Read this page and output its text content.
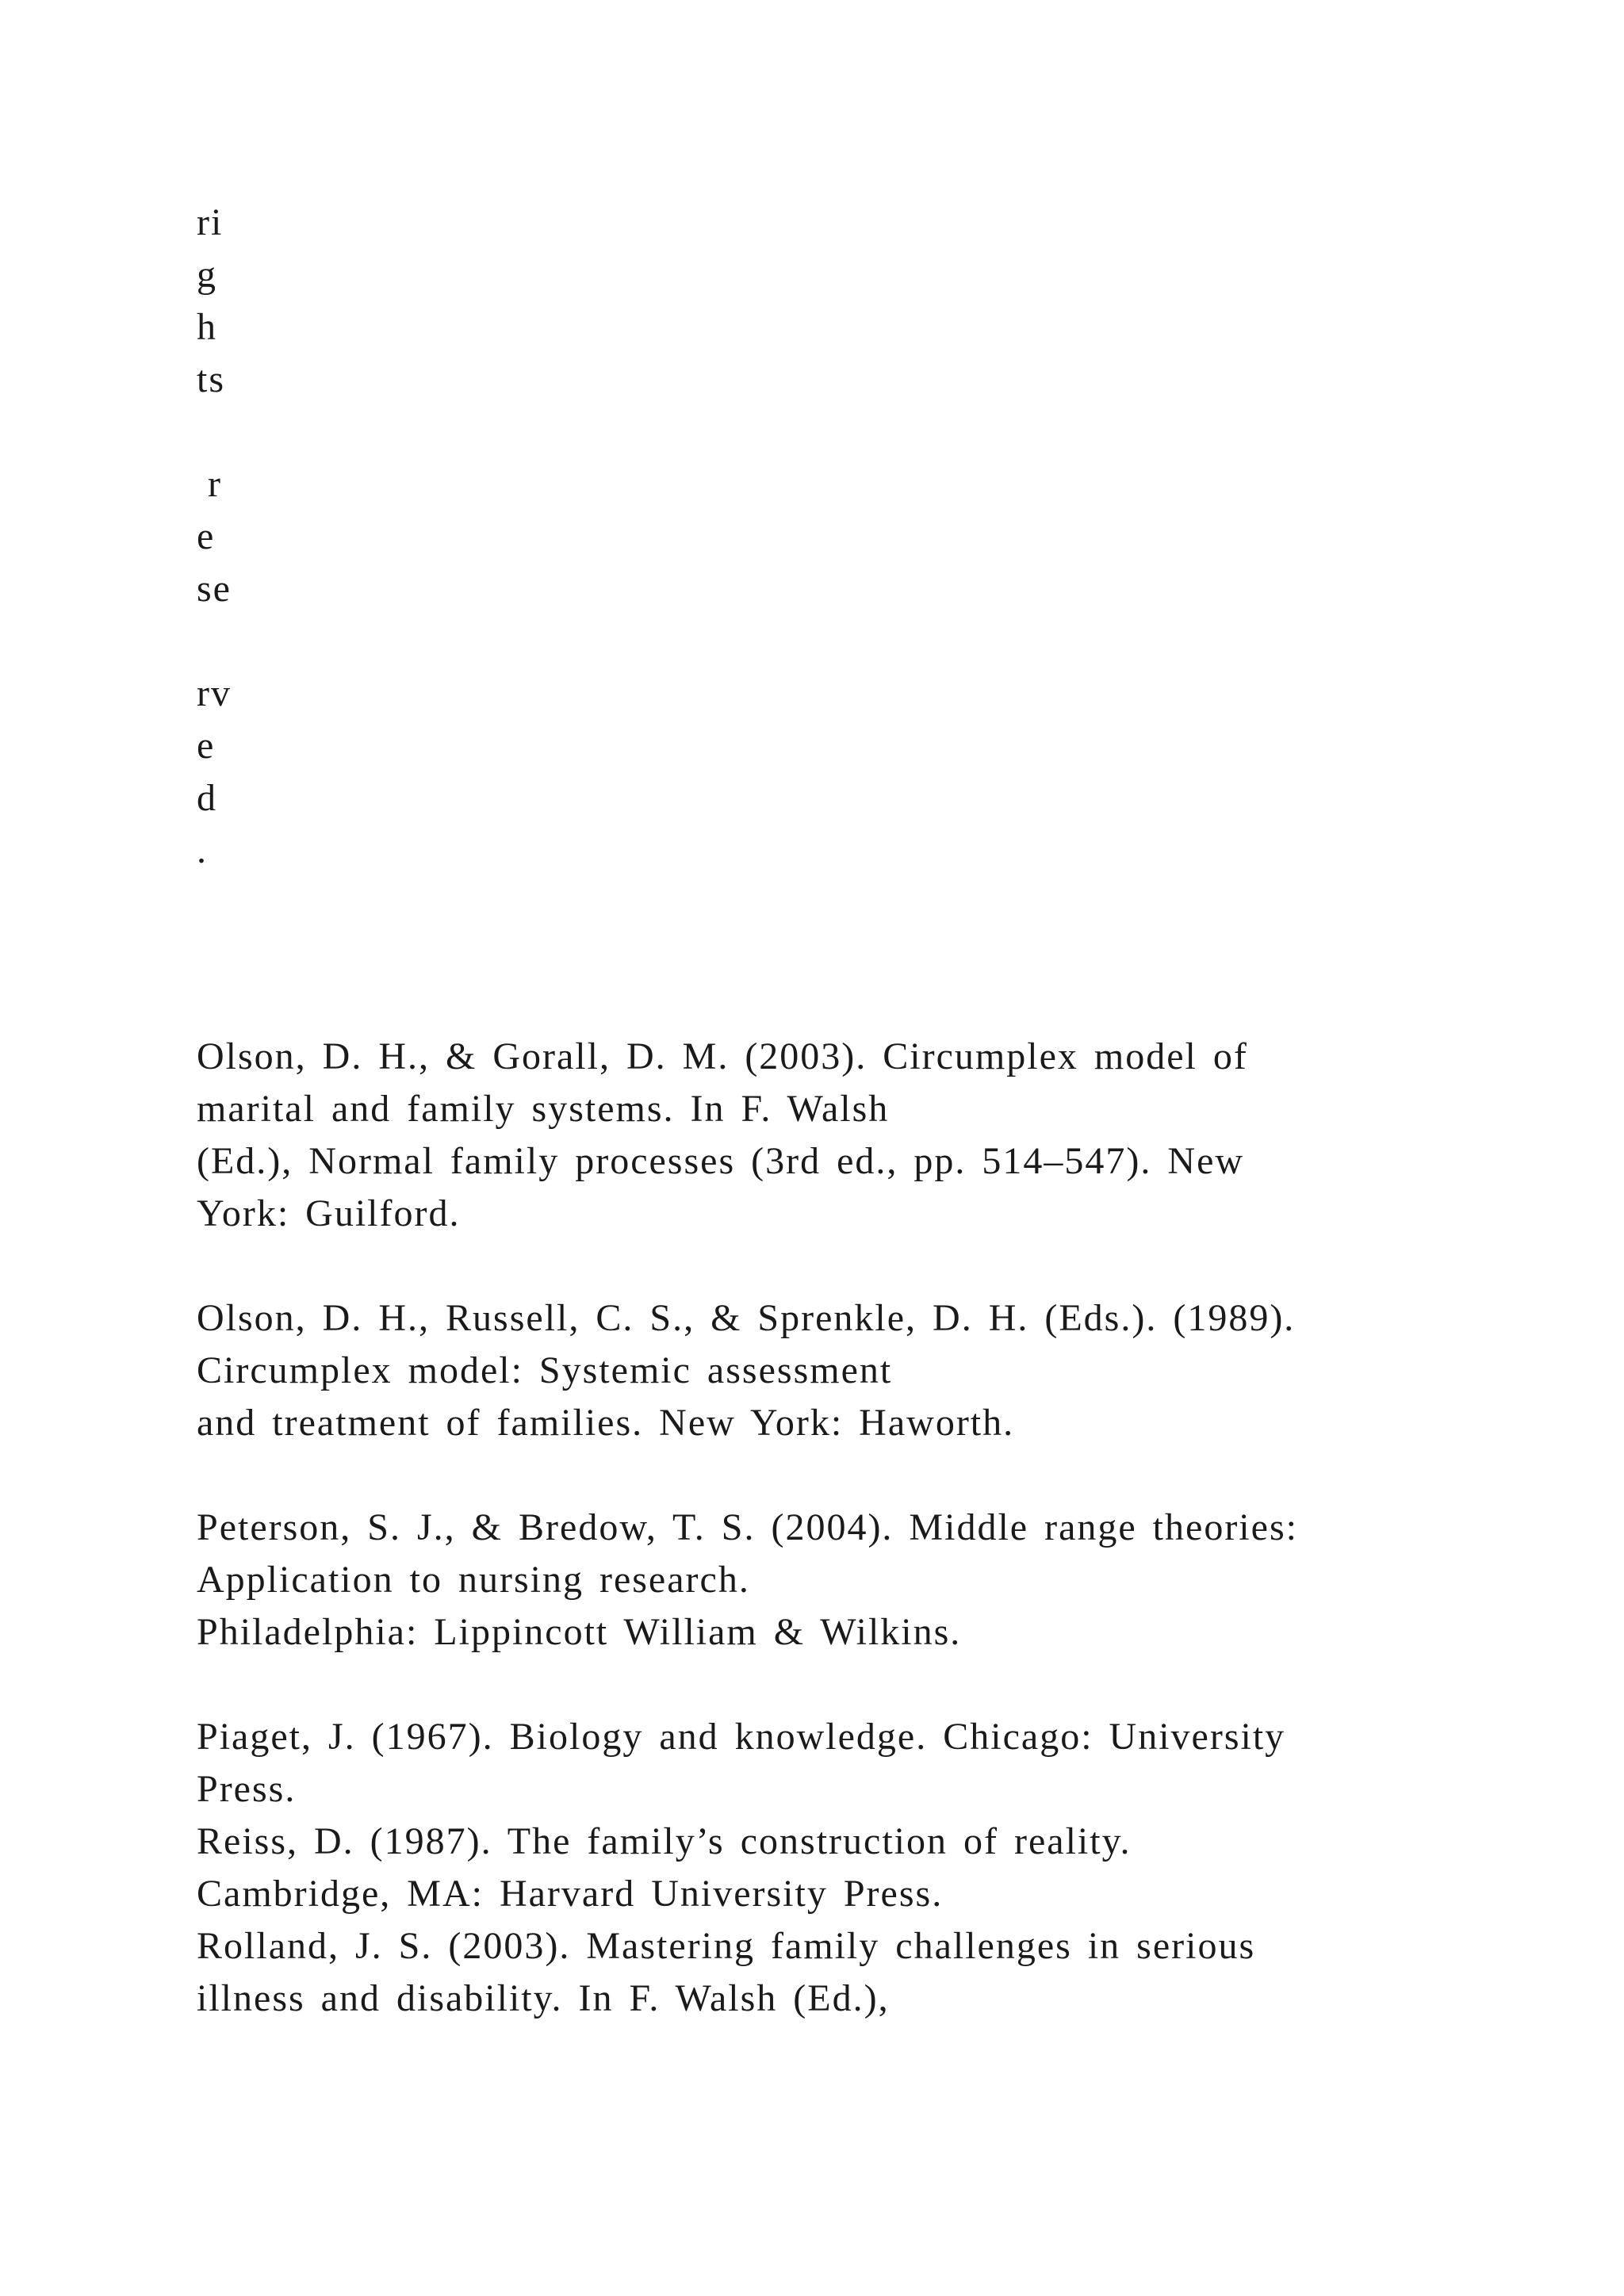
ri
g
h
ts
r
e
se
rv
e
d
.
Olson, D. H., & Gorall, D. M. (2003). Circumplex model of
marital and family systems. In F. Walsh
(Ed.), Normal family processes (3rd ed., pp. 514–547). New
York: Guilford.
Olson, D. H., Russell, C. S., & Sprenkle, D. H. (Eds.). (1989).
Circumplex model: Systemic assessment
and treatment of families. New York: Haworth.
Peterson, S. J., & Bredow, T. S. (2004). Middle range theories:
Application to nursing research.
Philadelphia: Lippincott William & Wilkins.
Piaget, J. (1967). Biology and knowledge. Chicago: University
Press.
Reiss, D. (1987). The family’s construction of reality.
Cambridge, MA: Harvard University Press.
Rolland, J. S. (2003). Mastering family challenges in serious
illness and disability. In F. Walsh (Ed.),
